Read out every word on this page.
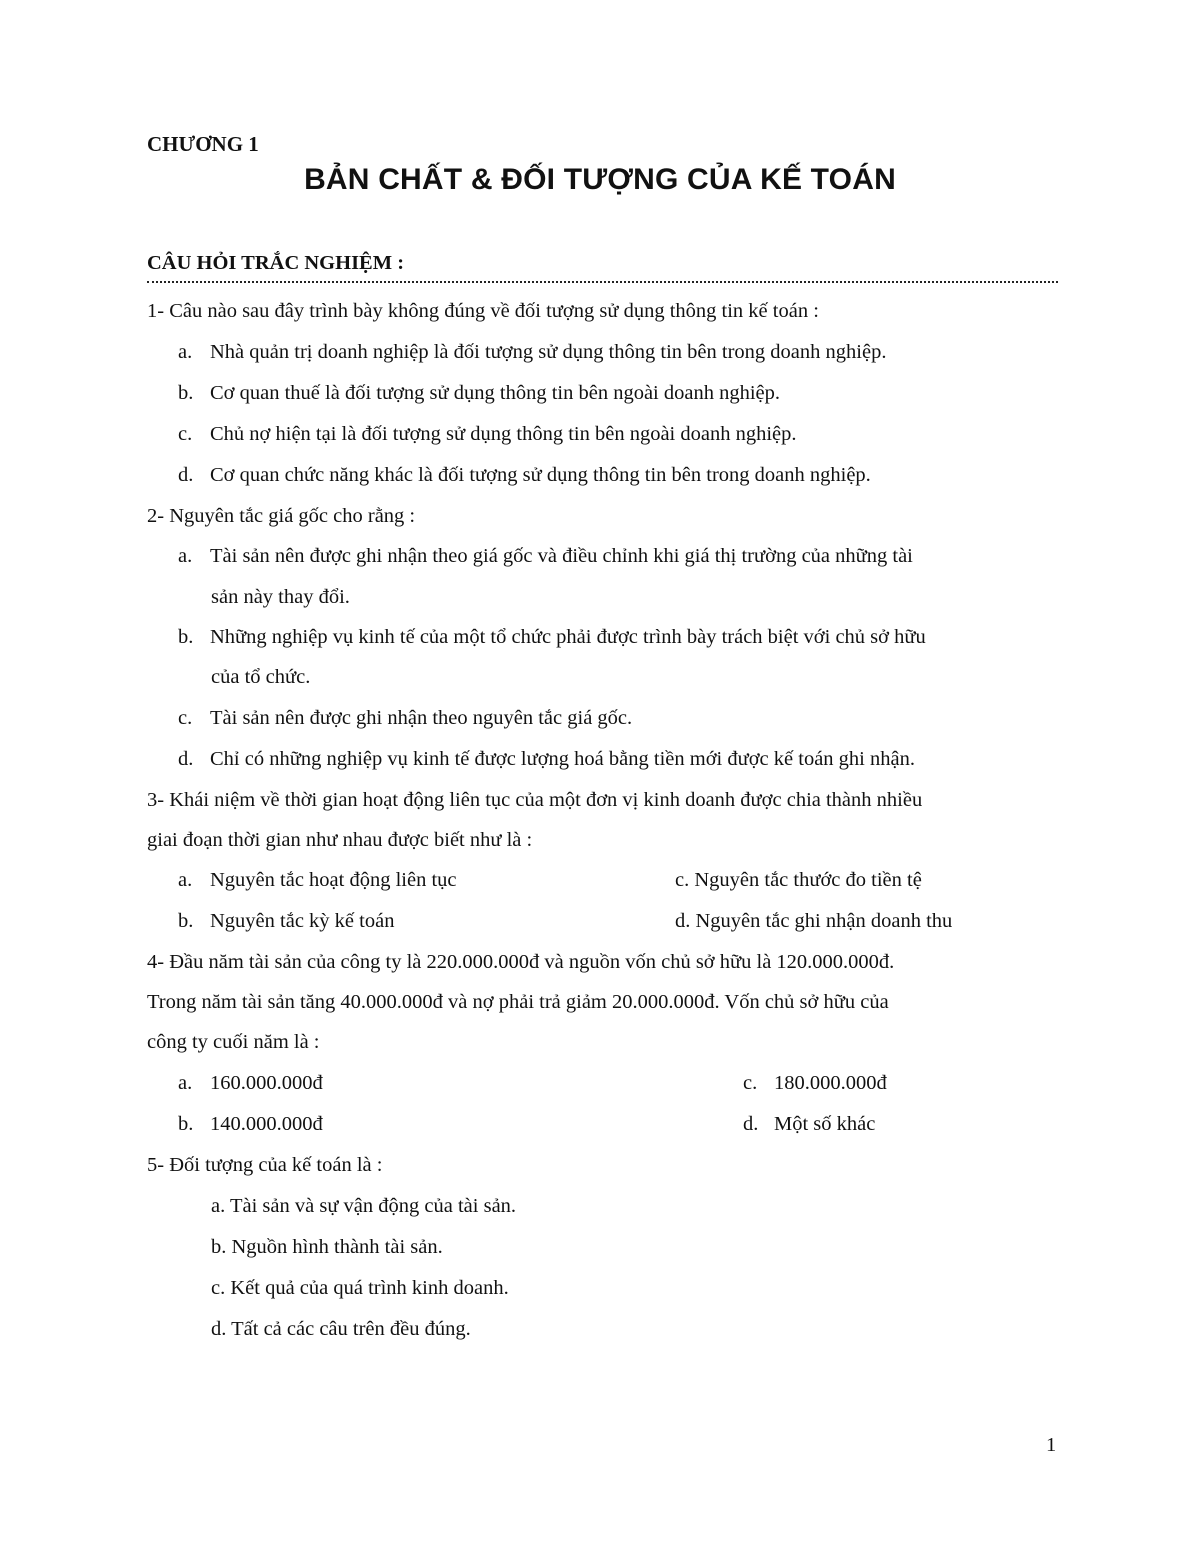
CHƯƠNG 1
BẢN CHẤT & ĐỐI TƯỢNG CỦA KẾ TOÁN
CÂU HỎI TRẮC NGHIỆM :
1- Câu nào sau đây trình bày không đúng về đối tượng sử dụng thông tin kế toán :
a. Nhà quản trị doanh nghiệp là đối tượng sử dụng thông tin bên trong doanh nghiệp.
b. Cơ quan thuế là đối tượng sử dụng thông tin bên ngoài doanh nghiệp.
c. Chủ nợ hiện tại là đối tượng sử dụng thông tin bên ngoài doanh nghiệp.
d. Cơ quan chức năng khác là đối tượng sử dụng thông tin bên trong doanh nghiệp.
2- Nguyên tắc giá gốc cho rằng :
a. Tài sản nên được ghi nhận theo giá gốc và điều chỉnh khi giá thị trường của những tài
sản này thay đổi.
b. Những nghiệp vụ kinh tế của một tổ chức phải được trình bày trách biệt với chủ sở hữu
của tổ chức.
c. Tài sản nên được ghi nhận theo nguyên tắc giá gốc.
d. Chỉ có những nghiệp vụ kinh tế được lượng hoá bằng tiền mới được kế toán ghi nhận.
3- Khái niệm về thời gian hoạt động liên tục của một đơn vị kinh doanh được chia thành nhiều
giai đoạn thời gian như nhau được biết như là :
a. Nguyên tắc hoạt động liên tục	c. Nguyên tắc thước đo tiền tệ
b. Nguyên tắc kỳ kế toán	d. Nguyên tắc ghi nhận doanh thu
4- Đầu năm tài sản của công ty là 220.000.000đ và nguồn vốn chủ sở hữu là 120.000.000đ.
Trong năm tài sản tăng 40.000.000đ và nợ phải trả giảm 20.000.000đ. Vốn chủ sở hữu của
công ty cuối năm là :
a. 160.000.000đ	c. 180.000.000đ
b. 140.000.000đ	d. Một số khác
5- Đối tượng của kế toán là :
a. Tài sản và sự vận động của tài sản.
b. Nguồn hình thành tài sản.
c. Kết quả của quá trình kinh doanh.
d. Tất cả các câu trên đều đúng.
1
